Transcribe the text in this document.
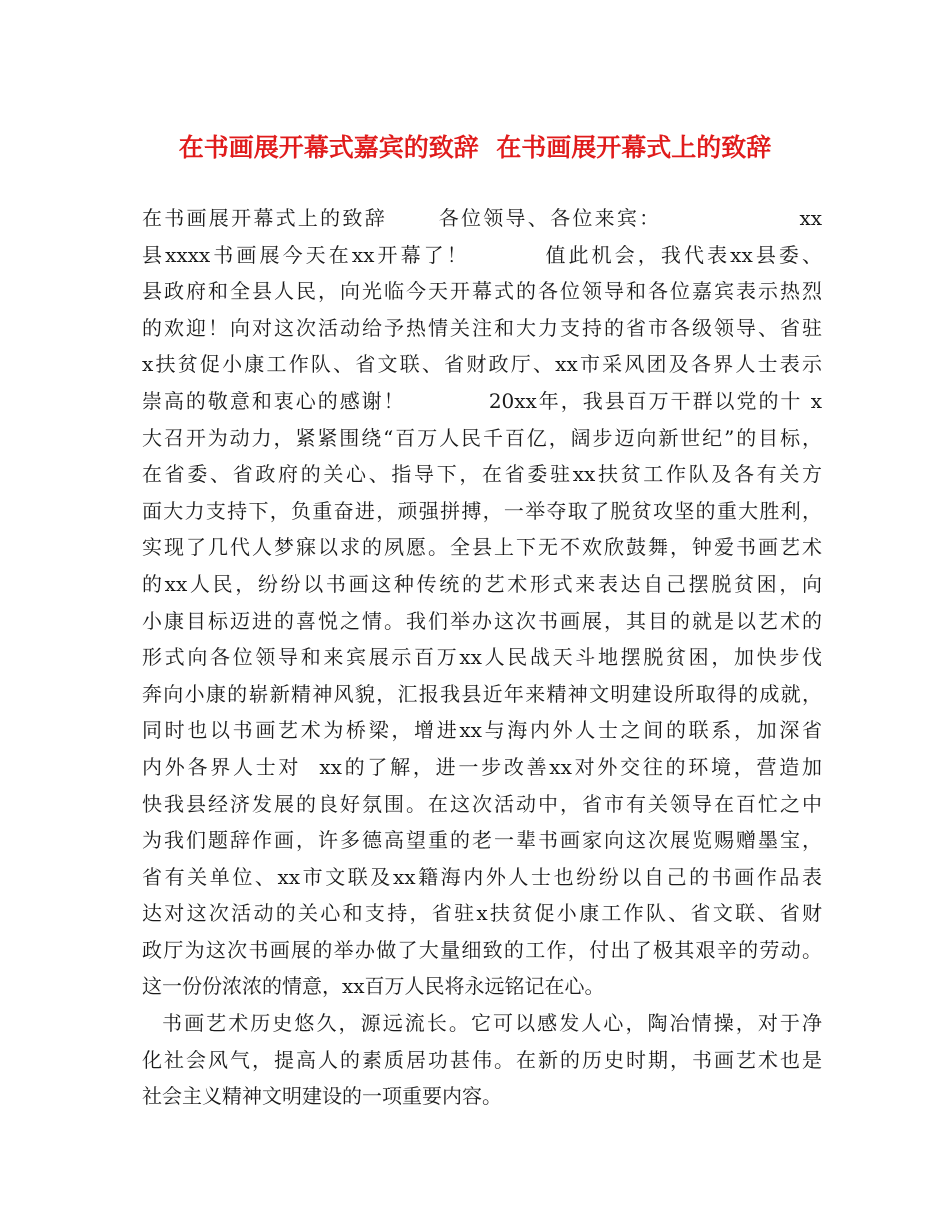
在书画展开幕式嘉宾的致辞  在书画展开幕式上的致辞
在书画展开幕式上的致辞      各位领导、各位来宾：                xx
县xxxx书画展今天在xx开幕了！        值此机会，我代表xx县委、
县政府和全县人民，向光临今天开幕式的各位领导和各位嘉宾表示热烈
的欢迎！向对这次活动给予热情关注和大力支持的省市各级领导、省驻
x扶贫促小康工作队、省文联、省财政厅、xx市采风团及各界人士表示
崇高的敬意和衷心的感谢！          20xx年，我县百万干群以党的十 x
大召开为动力，紧紧围绕“百万人民千百亿，阔步迈向新世纪”的目标，
在省委、省政府的关心、指导下，在省委驻xx扶贫工作队及各有关方
面大力支持下，负重奋进，顽强拼搏，一举夺取了脱贫攻坚的重大胜利，
实现了几代人梦寐以求的夙愿。全县上下无不欢欣鼓舞，钟爱书画艺术
的xx人民，纷纷以书画这种传统的艺术形式来表达自己摆脱贫困，向
小康目标迈进的喜悦之情。我们举办这次书画展，其目的就是以艺术的
形式向各位领导和来宾展示百万xx人民战天斗地摆脱贫困，加快步伐
奔向小康的崭新精神风貌，汇报我县近年来精神文明建设所取得的成就，
同时也以书画艺术为桥梁，增进xx与海内外人士之间的联系，加深省
内外各界人士对  xx的了解，进一步改善xx对外交往的环境，营造加
快我县经济发展的良好氛围。在这次活动中，省市有关领导在百忙之中
为我们题辞作画，许多德高望重的老一辈书画家向这次展览赐赠墨宝，
省有关单位、xx市文联及xx籍海内外人士也纷纷以自己的书画作品表
达对这次活动的关心和支持，省驻x扶贫促小康工作队、省文联、省财
政厅为这次书画展的举办做了大量细致的工作，付出了极其艰辛的劳动。
这一份份浓浓的情意，xx百万人民将永远铭记在心。
书画艺术历史悠久，源远流长。它可以感发人心，陶冶情操，对于净
化社会风气，提高人的素质居功甚伟。在新的历史时期，书画艺术也是
社会主义精神文明建设的一项重要内容。
